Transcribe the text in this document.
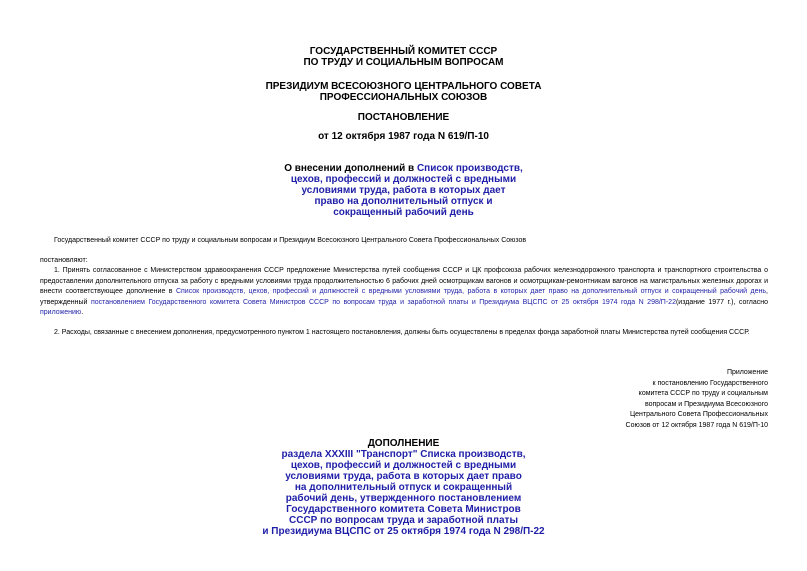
ГОСУДАРСТВЕННЫЙ КОМИТЕТ СССР

ПО ТРУДУ И СОЦИАЛЬНЫМ ВОПРОСАМ

ПРЕЗИДИУМ ВСЕСОЮЗНОГО ЦЕНТРАЛЬНОГО СОВЕТА

ПРОФЕССИОНАЛЬНЫХ СОЮЗОВ

ПОСТАНОВЛЕНИЕ

от 12 октября 1987 года N 619/П-10

О внесении дополнений в Список производств,

цехов, профессий и должностей с вредными

условиями труда, работа в которых дает

право на дополнительный отпуск и

сокращенный рабочий день

Государственный комитет СССР по труду и социальным вопросам и Президиум Всесоюзного Центрального Совета Профессиональных Союзов

постановляют:

1. Принять согласованное с Министерством здравоохранения СССР предложение Министерства путей сообщения СССР и ЦК профсоюза рабочих железнодорожного транспорта и транспортного строительства о предоставлении дополнительного отпуска за работу с вредными условиями труда продолжительностью 6 рабочих дней осмотрщикам вагонов и осмотрщикам-ремонтникам вагонов на магистральных железных дорогах и внести соответствующее дополнение в Список производств, цехов, профессий и должностей с вредными условиями труда, работа в которых дает право на дополнительный отпуск и сокращенный рабочий день, утвержденный постановлением Государственного комитета Совета Министров СССР по вопросам труда и заработной платы и Президиума ВЦСПС от 25 октября 1974 года N 298/П-22(издание 1977 г.), согласно приложению.

2. Расходы, связанные с внесением дополнения, предусмотренного пунктом 1 настоящего постановления, должны быть осуществлены в пределах фонда заработной платы Министерства путей сообщения СССР.

Приложение

к постановлению Государственного

комитета СССР по труду и социальным

вопросам и Президиума Всесоюзного

Центрального Совета Профессиональных

Союзов от 12 октября 1987 года N 619/П-10

ДОПОЛНЕНИЕ

раздела XXXIII "Транспорт" Списка производств,

цехов, профессий и должностей с вредными

условиями труда, работа в которых дает право

на дополнительный отпуск и сокращенный

рабочий день, утвержденного постановлением

Государственного комитета Совета Министров

СССР по вопросам труда и заработной платы

и Президиума ВЦСПС от 25 октября 1974 года N 298/П-22
